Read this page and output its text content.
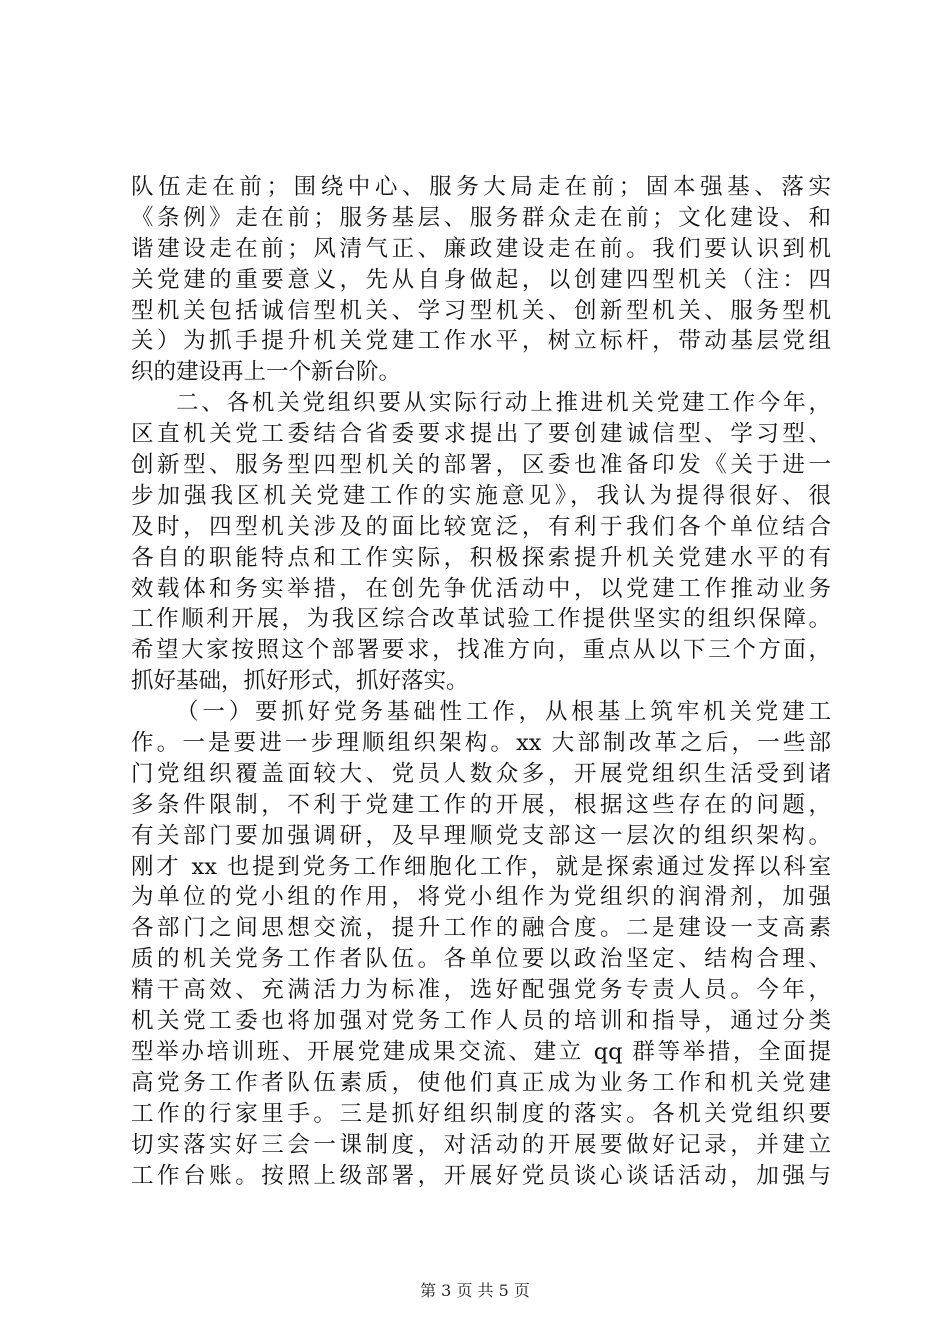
队伍走在前；围绕中心、服务大局走在前；固本强基、落实
《条例》走在前；服务基层、服务群众走在前；文化建设、和
谐建设走在前；风清气正、廉政建设走在前。我们要认识到机
关党建的重要意义，先从自身做起，以创建四型机关（注：四
型机关包括诚信型机关、学习型机关、创新型机关、服务型机
关）为抓手提升机关党建工作水平，树立标杆，带动基层党组
织的建设再上一个新台阶。
二、各机关党组织要从实际行动上推进机关党建工作今年，
区直机关党工委结合省委要求提出了要创建诚信型、学习型、
创新型、服务型四型机关的部署，区委也准备印发《关于进一
步加强我区机关党建工作的实施意见》，我认为提得很好、很
及时，四型机关涉及的面比较宽泛，有利于我们各个单位结合
各自的职能特点和工作实际，积极探索提升机关党建水平的有
效载体和务实举措，在创先争优活动中，以党建工作推动业务
工作顺利开展，为我区综合改革试验工作提供坚实的组织保障。
希望大家按照这个部署要求，找准方向，重点从以下三个方面，
抓好基础，抓好形式，抓好落实。
（一）要抓好党务基础性工作，从根基上筑牢机关党建工
作。一是要进一步理顺组织架构。xx 大部制改革之后，一些部
门党组织覆盖面较大、党员人数众多，开展党组织生活受到诸
多条件限制，不利于党建工作的开展，根据这些存在的问题，
有关部门要加强调研，及早理顺党支部这一层次的组织架构。
刚才 xx 也提到党务工作细胞化工作，就是探索通过发挥以科室
为单位的党小组的作用，将党小组作为党组织的润滑剂，加强
各部门之间思想交流，提升工作的融合度。二是建设一支高素
质的机关党务工作者队伍。各单位要以政治坚定、结构合理、
精干高效、充满活力为标准，选好配强党务专责人员。今年，
机关党工委也将加强对党务工作人员的培训和指导，通过分类
型举办培训班、开展党建成果交流、建立 qq 群等举措，全面提
高党务工作者队伍素质，使他们真正成为业务工作和机关党建
工作的行家里手。三是抓好组织制度的落实。各机关党组织要
切实落实好三会一课制度，对活动的开展要做好记录，并建立
工作台账。按照上级部署，开展好党员谈心谈话活动，加强与
第 3 页 共 5 页
